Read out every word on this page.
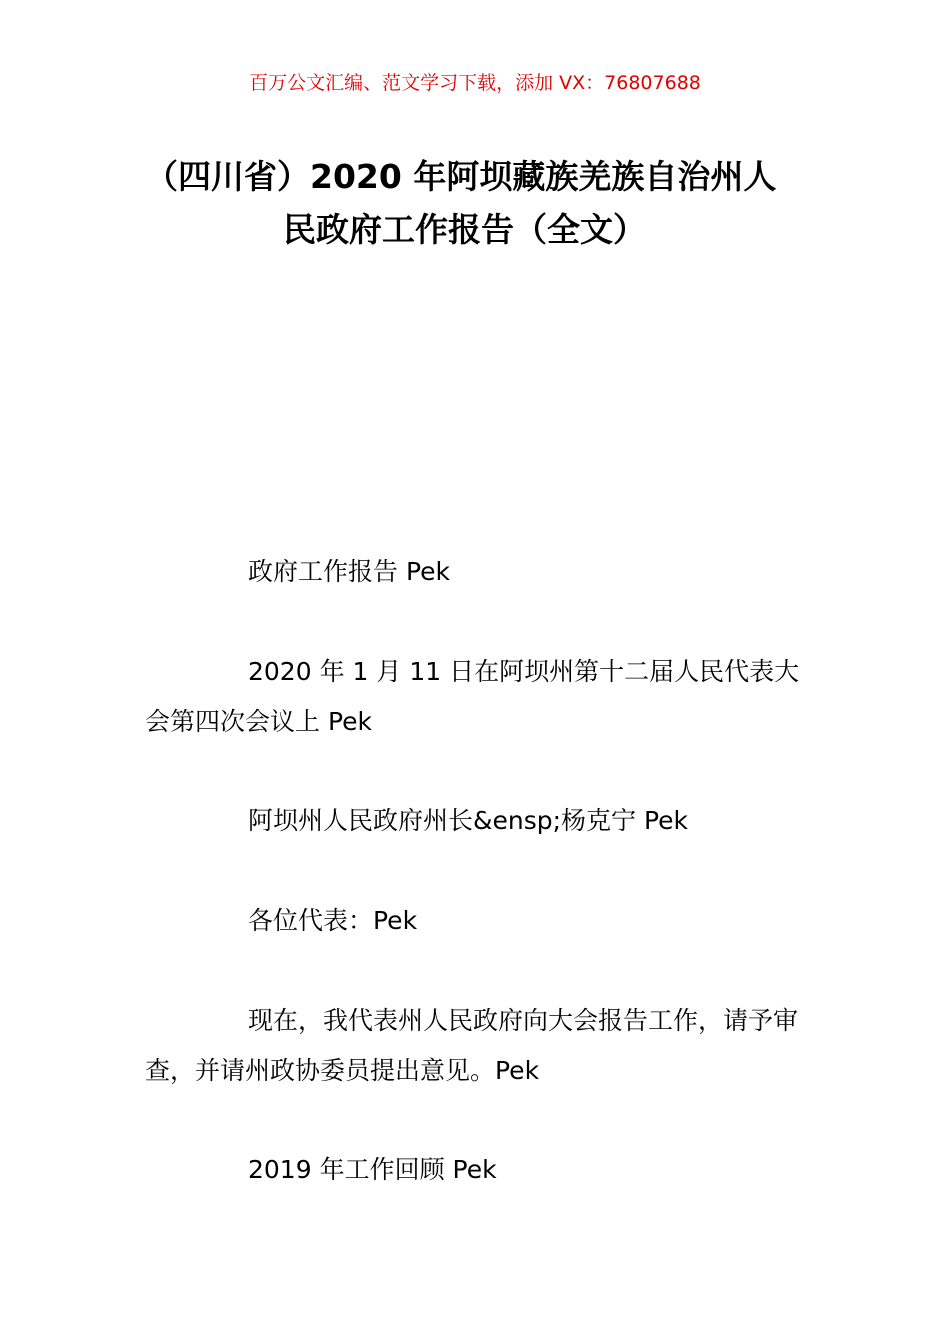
百万公文汇编、范文学习下载，添加 VX：76807688
（四川省）2020 年阿坝藏族羌族自治州人
民政府工作报告（全文）
政府工作报告 Pek
2020 年 1 月 11 日在阿坝州第十二届人民代表大会第四次会议上 Pek
阿坝州人民政府州长&ensp;杨克宁 Pek
各位代表：Pek
现在，我代表州人民政府向大会报告工作，请予审查，并请州政协委员提出意见。Pek
2019 年工作回顾 Pek
